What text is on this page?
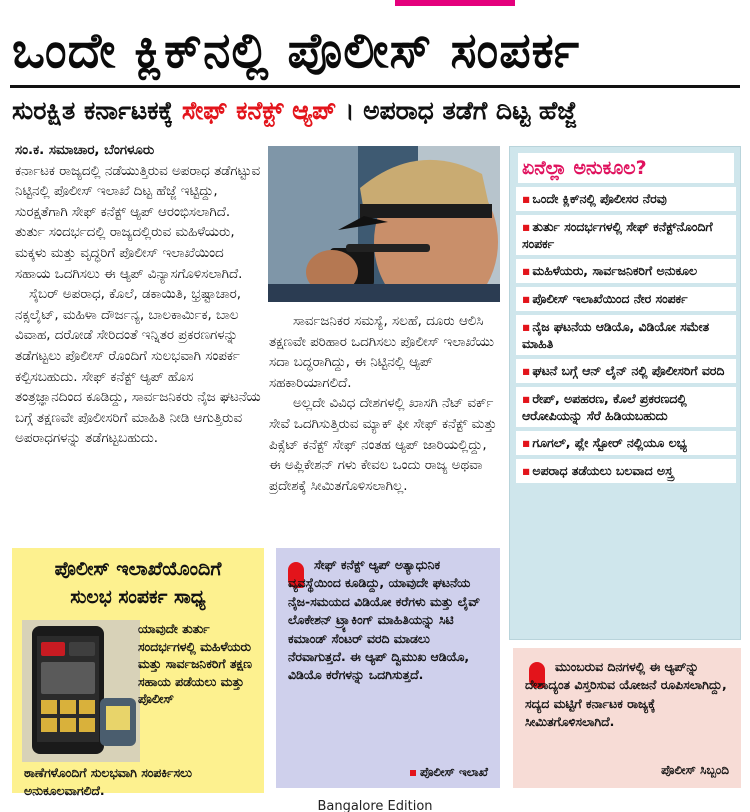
ಒಂದೇ ಕ್ಲಿಕ್‌ನಲ್ಲಿ ಪೊಲೀಸ್ ಸಂಪರ್ಕ
ಸುರಕ್ಷಿತ ಕರ್ನಾಟಕಕ್ಕೆ ಸೇಫ್ ಕನೆಕ್ಟ್ ಆ್ಯಪ್ । ಅಪರಾಧ ತಡೆಗೆ ದಿಟ್ಟ ಹೆಜ್ಜೆ

ಸಂ.ಕ. ಸಮಾಚಾರ, ಬೆಂಗಳೂರು

ಕರ್ನಾಟಕ ರಾಜ್ಯದಲ್ಲಿ ನಡೆಯುತ್ತಿರುವ ಅಪರಾಧ ತಡೆಗಟ್ಟುವ ನಿಟ್ಟಿನಲ್ಲಿ ಪೊಲೀಸ್ ಇಲಾಖೆ ದಿಟ್ಟ ಹೆಜ್ಜೆ ಇಟ್ಟಿದ್ದು, ಸುರಕ್ಷತೆಗಾಗಿ ಸೇಫ್ ಕನೆಕ್ಟ್ ಆ್ಯಪ್ ಆರಂಭಿಸಲಾಗಿದೆ. ತುರ್ತು ಸಂದರ್ಭದಲ್ಲಿ ರಾಜ್ಯದಲ್ಲಿರುವ ಮಹಿಳೆಯರು, ಮಕ್ಕಳು ಮತ್ತು ವೃದ್ಧರಿಗೆ ಪೊಲೀಸ್ ಇಲಾಖೆಯಿಂದ ಸಹಾಯ ಒದಗಿಸಲು ಈ ಆ್ಯಪ್ ವಿನ್ಯಾಸಗೊಳಿಸಲಾಗಿದೆ.

ಸೈಬರ್ ಅಪರಾಧ, ಕೊಲೆ, ಡಕಾಯಿತಿ, ಭ್ರಷ್ಟಾಚಾರ, ನಕ್ಸಲೈಟ್, ಮಹಿಳಾ ದೌರ್ಜನ್ಯ, ಬಾಲಕಾರ್ಮಿಕ, ಬಾಲ ವಿವಾಹ, ದರೋಡೆ ಸೇರಿದಂತೆ ಇನ್ನಿತರ ಪ್ರಕರಣಗಳನ್ನು ತಡೆಗಟ್ಟಲು ಪೊಲೀಸ್ ರೊಂದಿಗೆ ಸುಲಭವಾಗಿ ಸಂಪರ್ಕ ಕಲ್ಪಿಸಬಹುದು. ಸೇಫ್ ಕನೆಕ್ಟ್ ಆ್ಯಪ್ ಹೊಸ ತಂತ್ರಜ್ಞಾನದಿಂದ ಕೂಡಿದ್ದು, ಸಾರ್ವಜನಿಕರು ನೈಜ ಘಟನೆಯ ಬಗ್ಗೆ ತಕ್ಷಣವೇ ಪೊಲೀಸರಿಗೆ ಮಾಹಿತಿ ನೀಡಿ ಆಗುತ್ತಿರುವ ಅಪರಾಧಗಳನ್ನು ತಡೆಗಟ್ಟಬಹುದು.

ಸಾರ್ವಜನಿಕರ ಸಮಸ್ಯೆ, ಸಲಹೆ, ದೂರು ಆಲಿಸಿ ತಕ್ಷಣವೇ ಪರಿಹಾರ ಒದಗಿಸಲು ಪೊಲೀಸ್ ಇಲಾಖೆಯು ಸದಾ ಬದ್ಧರಾಗಿದ್ದು, ಈ ನಿಟ್ಟಿನಲ್ಲಿ ಆ್ಯಪ್ ಸಹಕಾರಿಯಾಗಲಿದೆ.

ಅಲ್ಲದೇ ವಿವಿಧ ದೇಶಗಳಲ್ಲಿ ಖಾಸಗಿ ನೆಟ್ ವರ್ಕ್ ಸೇವೆ ಒದಗಿಸುತ್ತಿರುವ ಮ್ಯಾಕ್ ಫೀ ಸೇಫ್ ಕನೆಕ್ಟ್ ಮತ್ತು ಪಿಕ್ಸೆಟ್ ಕನೆಕ್ಟ್ ಸೇಫ್ ನಂತಹ ಆ್ಯಪ್ ಜಾರಿಯಲ್ಲಿದ್ದು, ಈ ಅಪ್ಲಿಕೇಶನ್ ಗಳು ಕೇವಲ ಒಂದು ರಾಜ್ಯ ಅಥವಾ ಪ್ರದೇಶಕ್ಕೆ ಸೀಮಿತಗೊಳಿಸಲಾಗಿಲ್ಲ.

ಏನೆಲ್ಲಾ ಅನುಕೂಲ?
▪ ಒಂದೇ ಕ್ಲಿಕ್‌ನಲ್ಲಿ ಪೊಲೀಸರ ನೆರವು
▪ ತುರ್ತು ಸಂದರ್ಭಗಳಲ್ಲಿ ಸೇಫ್ ಕನೆಕ್ಟ್‌ನೊಂದಿಗೆ ಸಂಪರ್ಕ
▪ ಮಹಿಳೆಯರು, ಸಾರ್ವಜನಿಕರಿಗೆ ಅನುಕೂಲ
▪ ಪೊಲೀಸ್ ಇಲಾಖೆಯಿಂದ ನೇರ ಸಂಪರ್ಕ
▪ ನೈಜ ಘಟನೆಯ ಆಡಿಯೊ, ವಿಡಿಯೋ ಸಮೇತ ಮಾಹಿತಿ
▪ ಘಟನೆ ಬಗ್ಗೆ ಆನ್ ಲೈನ್ ನಲ್ಲಿ ಪೊಲೀಸರಿಗೆ ವರದಿ
▪ ರೇಪ್, ಅಪಹರಣ, ಕೊಲೆ ಪ್ರಕರಣದಲ್ಲಿ ಆರೋಪಿಯನ್ನು ಸೆರೆ ಹಿಡಿಯಬಹುದು
▪ ಗೂಗಲ್, ಪ್ಲೇ ಸ್ಟೋರ್ ನಲ್ಲಿಯೂ ಲಭ್ಯ
▪ ಅಪರಾಧ ತಡೆಯಲು ಬಲವಾದ ಅಸ್ತ್ರ
ಪೊಲೀಸ್ ಇಲಾಖೆಯೊಂದಿಗೆ
ಸುಲಭ ಸಂಪರ್ಕ ಸಾಧ್ಯ
ಯಾವುದೇ ತುರ್ತು ಸಂದರ್ಭಗಳಲ್ಲಿ ಮಹಿಳೆಯರು ಮತ್ತು ಸಾರ್ವಜನಿಕರಿಗೆ ತಕ್ಷಣ ಸಹಾಯ ಪಡೆಯಲು ಮತ್ತು ಪೊಲೀಸ್
ಠಾಣೆಗಳೊಂದಿಗೆ ಸುಲಭವಾಗಿ ಸಂಪರ್ಕಿಸಲು ಅನುಕೂಲವಾಗಲಿದೆ.
ಸೇಫ್ ಕನೆಕ್ಟ್ ಆ್ಯಪ್ ಅತ್ಯಾಧುನಿಕ ವ್ಯವಸ್ಥೆಯಿಂದ ಕೂಡಿದ್ದು, ಯಾವುದೇ ಘಟನೆಯ ನೈಜ-ಸಮಯದ ವಿಡಿಯೋ ಕರೆಗಳು ಮತ್ತು ಲೈವ್ ಲೊಕೇಶನ್ ಟ್ರ್ಯಾಕಿಂಗ್ ಮಾಹಿತಿಯನ್ನು ಸಿಟಿ ಕಮಾಂಡ್ ಸೆಂಟರ್ ವರದಿ ಮಾಡಲು ನೆರವಾಗುತ್ತದೆ. ಈ ಆ್ಯಪ್ ದ್ವಿಮುಖ ಆಡಿಯೊ, ವಿಡಿಯೊ ಕರೆಗಳನ್ನು ಒದಗಿಸುತ್ತದೆ.
ಪೊಲೀಸ್ ಇಲಾಖೆ
ಮುಂಬರುವ ದಿನಗಳಲ್ಲಿ ಈ ಆ್ಯಪ್‌ನ್ನು ದೇಶಾದ್ಯಂತ ವಿಸ್ತರಿಸುವ ಯೋಜನೆ ರೂಪಿಸಲಾಗಿದ್ದು, ಸದ್ಯದ ಮಟ್ಟಿಗೆ ಕರ್ನಾಟಕ ರಾಜ್ಯಕ್ಕೆ ಸೀಮಿತಗೊಳಿಸಲಾಗಿದೆ.
ಪೊಲೀಸ್ ಸಿಬ್ಬಂದಿ
Bangalore Edition
